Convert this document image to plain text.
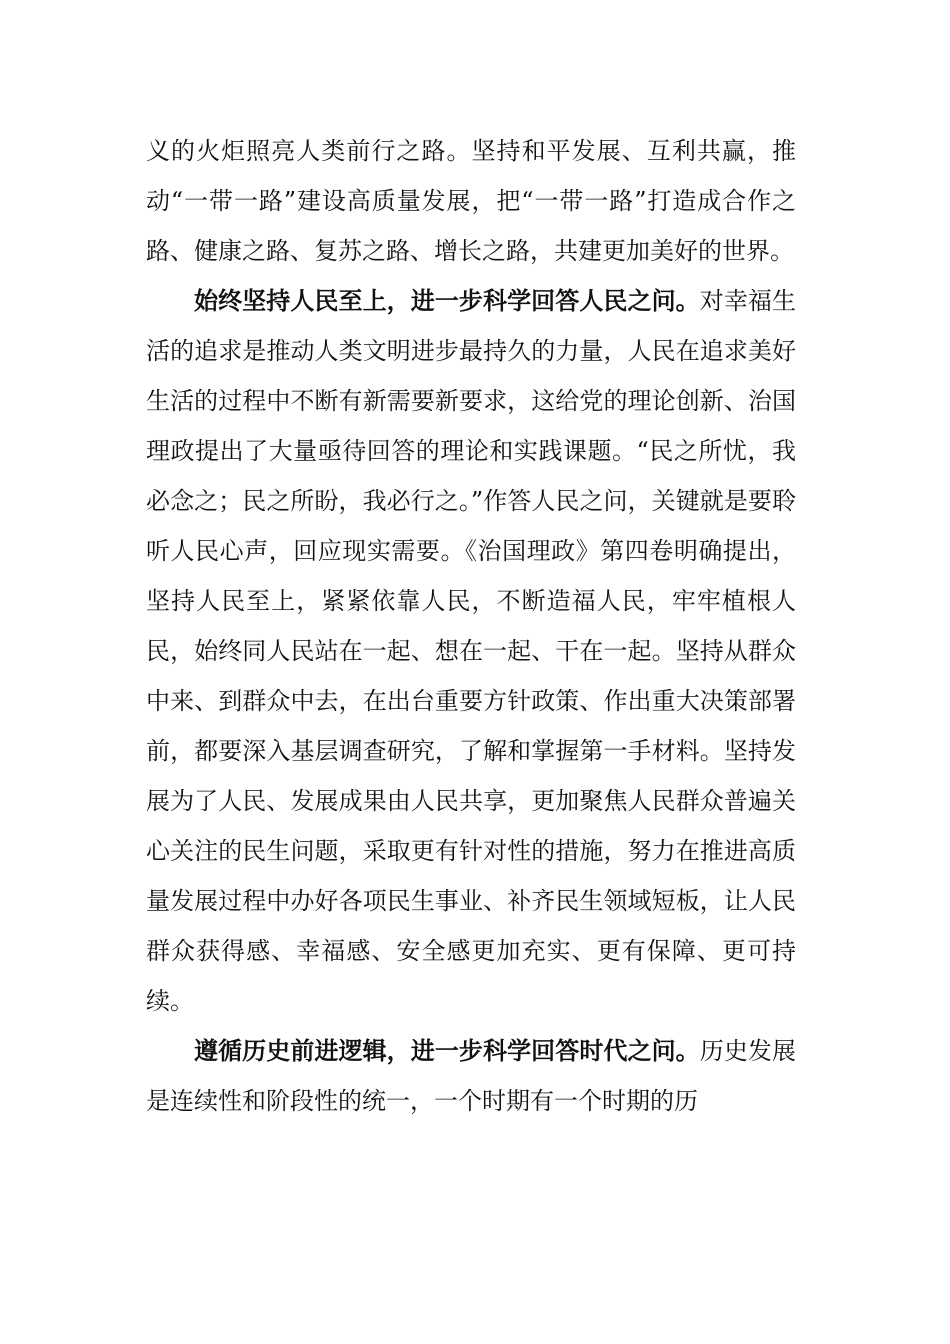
义的火炬照亮人类前行之路。坚持和平发展、互利共赢，推动“一带一路”建设高质量发展，把“一带一路”打造成合作之路、健康之路、复苏之路、增长之路，共建更加美好的世界。

始终坚持人民至上，进一步科学回答人民之问。对幸福生活的追求是推动人类文明进步最持久的力量，人民在追求美好生活的过程中不断有新需要新要求，这给党的理论创新、治国理政提出了大量亟待回答的理论和实践课题。“民之所忧，我必念之；民之所盼，我必行之。”作答人民之问，关键就是要聆听人民心声，回应现实需要。《治国理政》第四卷明确提出，坚持人民至上，紧紧依靠人民，不断造福人民，牢牢植根人民，始终同人民站在一起、想在一起、干在一起。坚持从群众中来、到群众中去，在出台重要方针政策、作出重大决策部署前，都要深入基层调查研究，了解和掌握第一手材料。坚持发展为了人民、发展成果由人民共享，更加聚焦人民群众普遍关心关注的民生问题，采取更有针对性的措施，努力在推进高质量发展过程中办好各项民生事业、补齐民生领域短板，让人民群众获得感、幸福感、安全感更加充实、更有保障、更可持续。

遵循历史前进逻辑，进一步科学回答时代之问。历史发展是连续性和阶段性的统一，一个时期有一个时期的历
